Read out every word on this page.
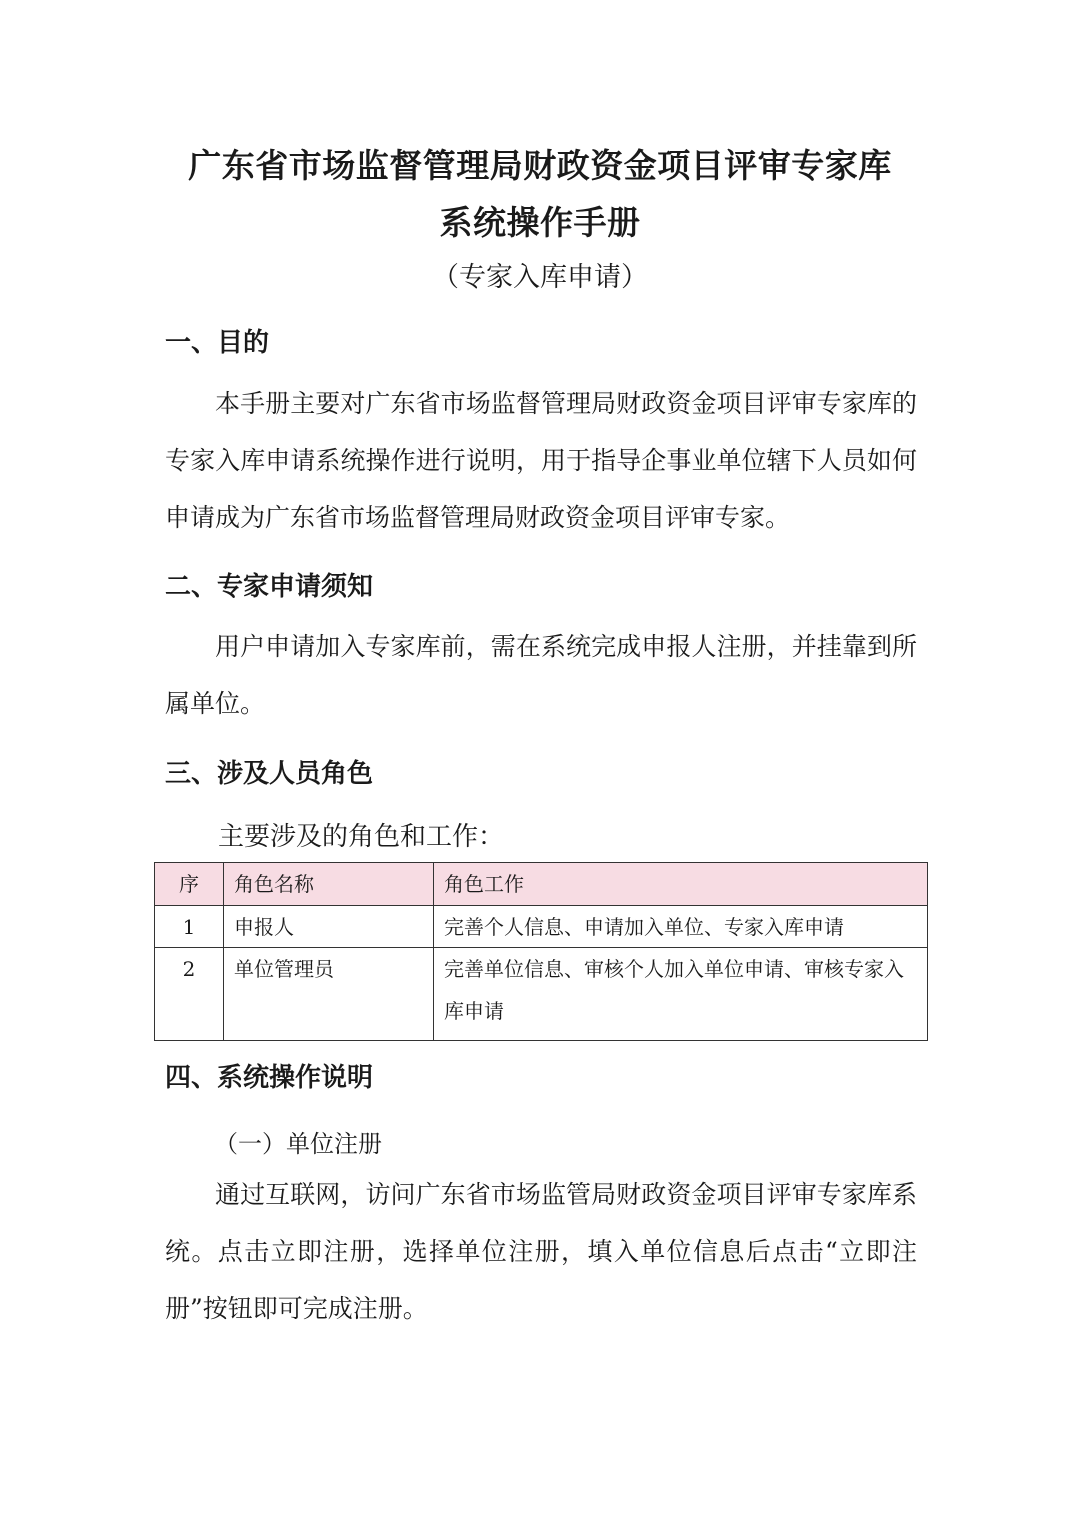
广东省市场监督管理局财政资金项目评审专家库
系统操作手册
（专家入库申请）
一、目的
本手册主要对广东省市场监督管理局财政资金项目评审专家库的专家入库申请系统操作进行说明，用于指导企事业单位辖下人员如何申请成为广东省市场监督管理局财政资金项目评审专家。
二、专家申请须知
用户申请加入专家库前，需在系统完成申报人注册，并挂靠到所属单位。
三、涉及人员角色
主要涉及的角色和工作：
序	角色名称	角色工作
1	申报人	完善个人信息、申请加入单位、专家入库申请
2	单位管理员	完善单位信息、审核个人加入单位申请、审核专家入库申请
四、系统操作说明
（一）单位注册
通过互联网，访问广东省市场监管局财政资金项目评审专家库系统。点击立即注册，选择单位注册，填入单位信息后点击“立即注册”按钮即可完成注册。
